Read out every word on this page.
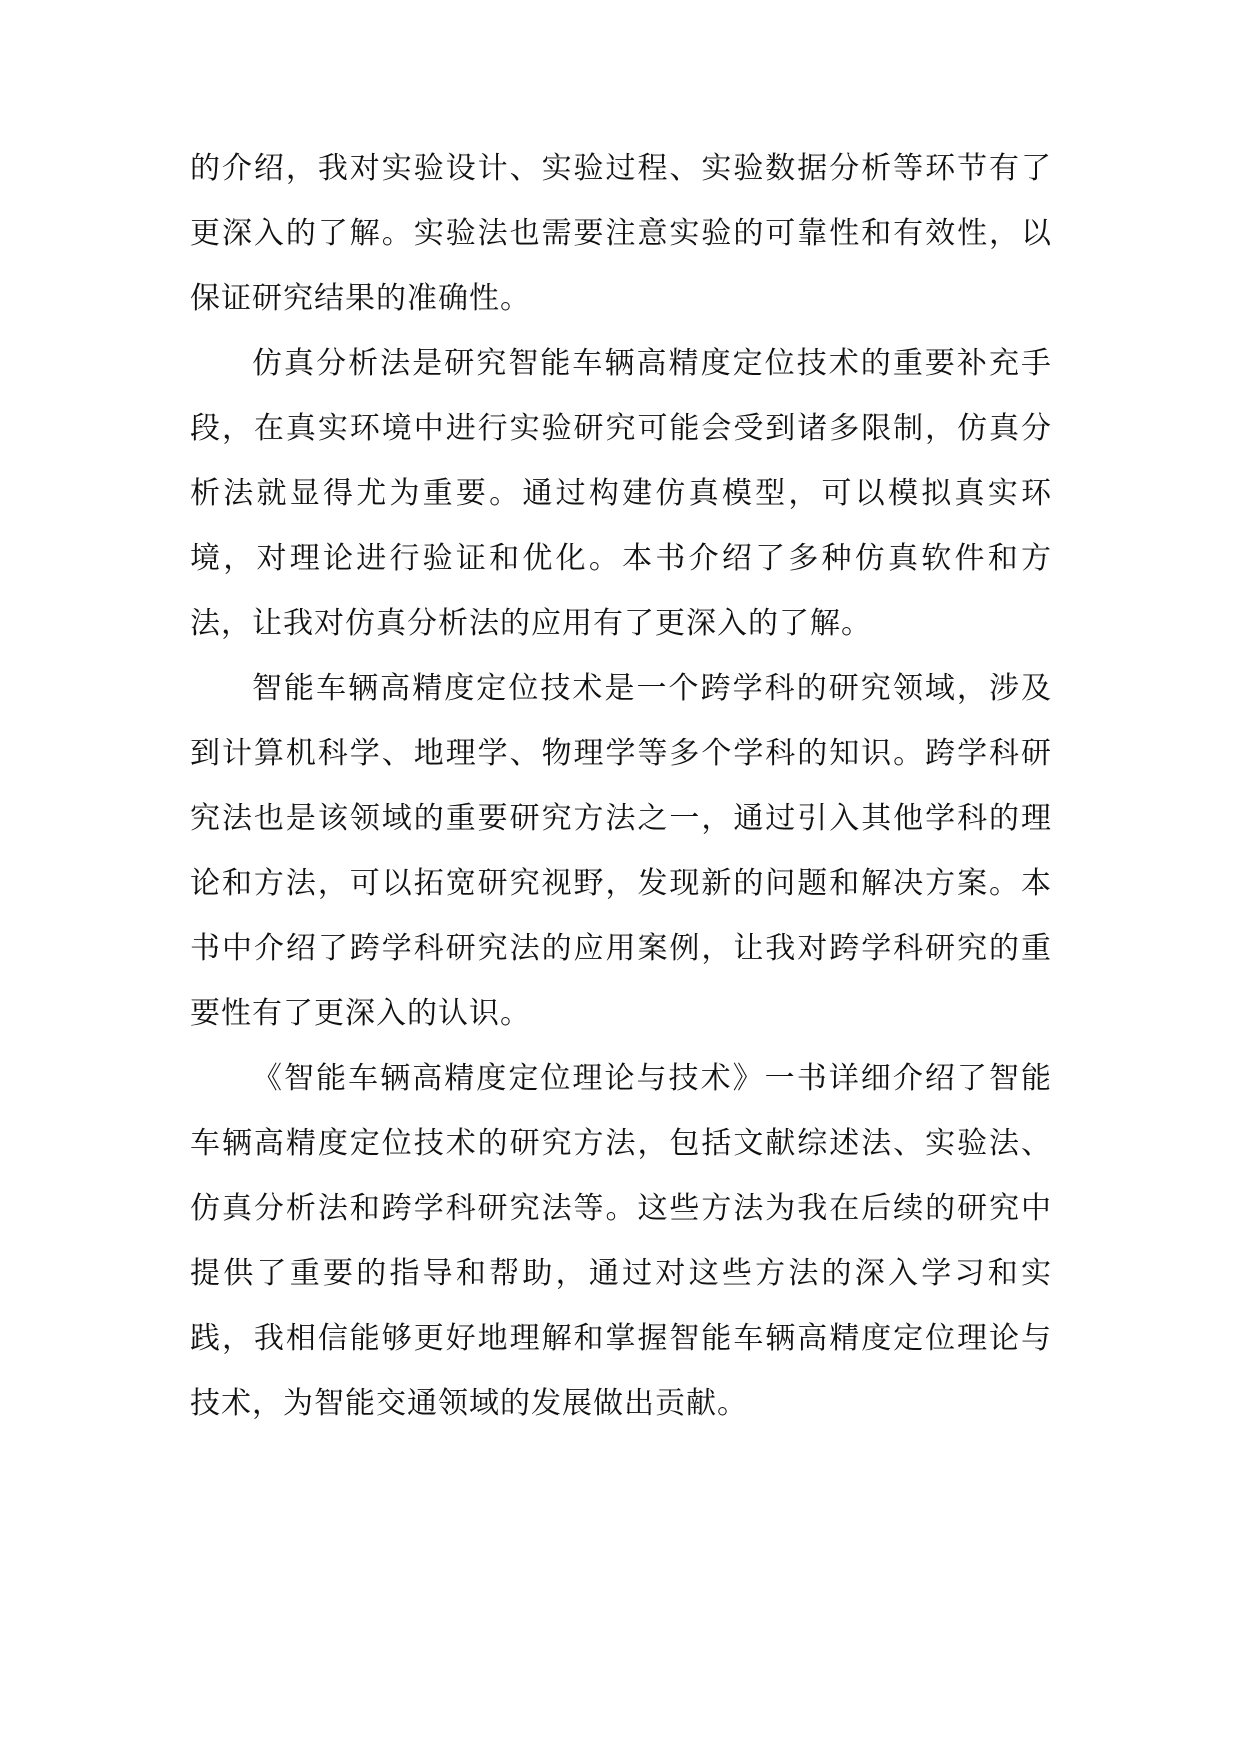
的介绍，我对实验设计、实验过程、实验数据分析等环节有了更深入的了解。实验法也需要注意实验的可靠性和有效性，以保证研究结果的准确性。

仿真分析法是研究智能车辆高精度定位技术的重要补充手段，在真实环境中进行实验研究可能会受到诸多限制，仿真分析法就显得尤为重要。通过构建仿真模型，可以模拟真实环境，对理论进行验证和优化。本书介绍了多种仿真软件和方法，让我对仿真分析法的应用有了更深入的了解。

智能车辆高精度定位技术是一个跨学科的研究领域，涉及到计算机科学、地理学、物理学等多个学科的知识。跨学科研究法也是该领域的重要研究方法之一，通过引入其他学科的理论和方法，可以拓宽研究视野，发现新的问题和解决方案。本书中介绍了跨学科研究法的应用案例，让我对跨学科研究的重要性有了更深入的认识。

《智能车辆高精度定位理论与技术》一书详细介绍了智能车辆高精度定位技术的研究方法，包括文献综述法、实验法、仿真分析法和跨学科研究法等。这些方法为我在后续的研究中提供了重要的指导和帮助，通过对这些方法的深入学习和实践，我相信能够更好地理解和掌握智能车辆高精度定位理论与技术，为智能交通领域的发展做出贡献。
